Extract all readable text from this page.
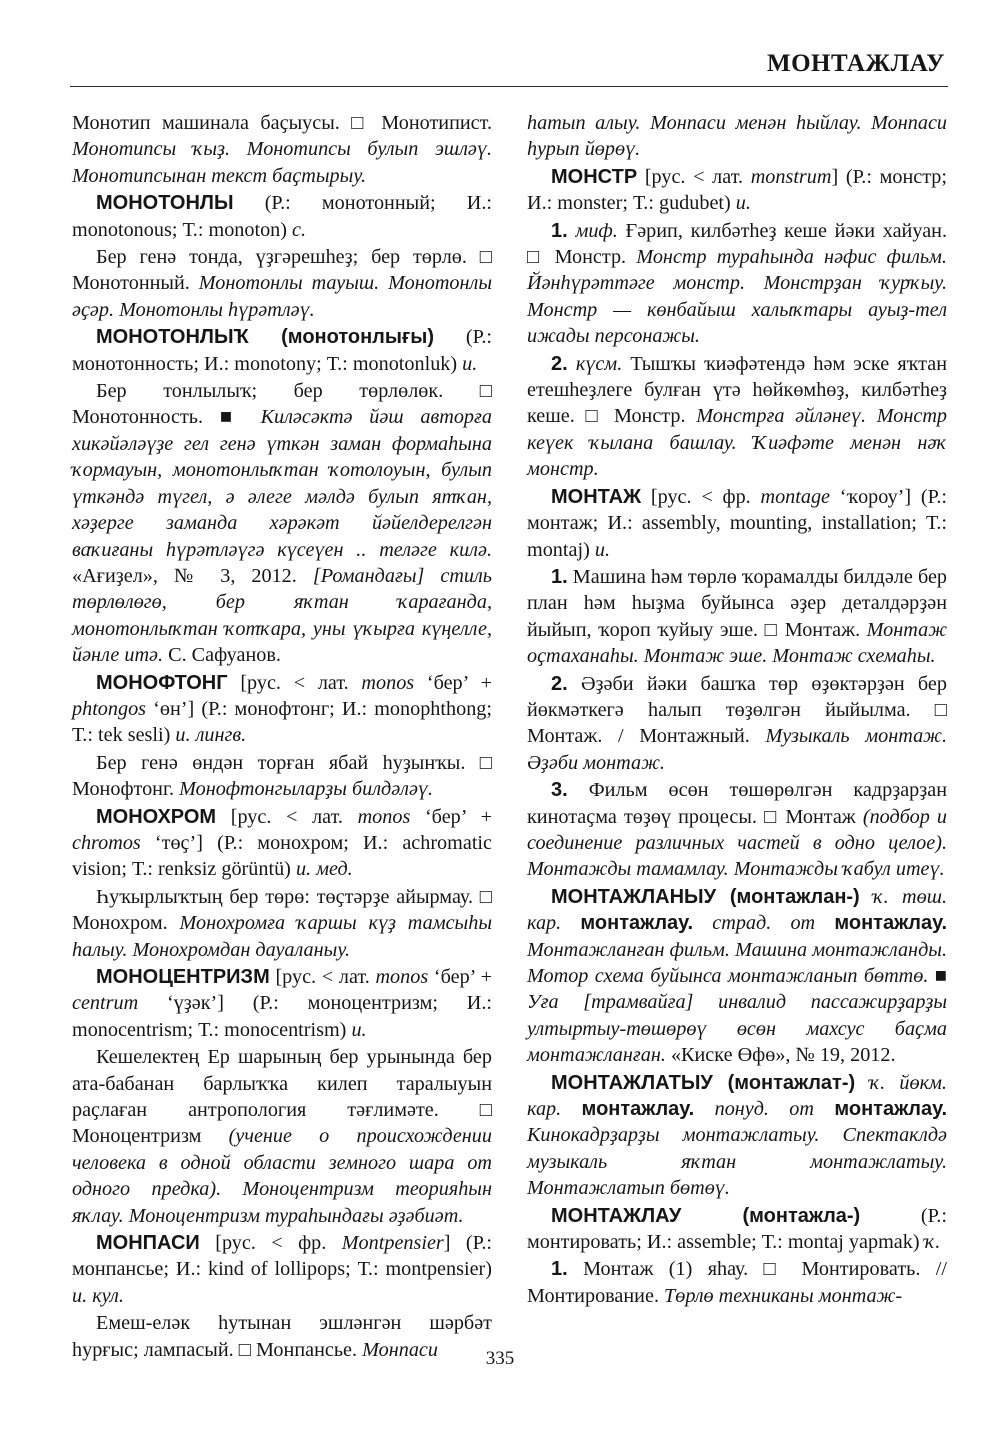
МОНТАЖЛАУ

Монотип машинала баҫыусы. □ Монотипист. Монотипсы ҡыҙ. Монотипсы булып эшләү. Монотипсынан текст баҫтырыу.

МОНОТОНЛЫ (Р.: монотонный; И.: monotonous; Т.: monoton) с.

Бер генә тонда, үҙгәрешһеҙ; бер төрлө. □ Монотонный. Монотонлы тауыш. Монотонлы әҫәр. Монотонлы һүрәтләү.

МОНОТОНЛЫҠ (монотонлығы) (Р.: монотонность; И.: monotony; Т.: monotonluk) и.

Бер тонлылыҡ; бер төрлөлөк. □ Монотонность. ■ Киләсәктә йәш авторға хикәйәләүҙе гел генә үткән заман формаһына ҡормауын, монотонлыҡтан ҡотолоуын, булып үткәндә түгел, ә әлеге мәлдә булып ятҡан, хәҙерге заманда хәрәкәт йәйелдерелгән ваҡиғаны һүрәтләүгә күсеүен .. теләге килә. «Ағиҙел», № 3, 2012. [Романдағы] стиль төрлөлөгө, бер яҡтан ҡарағанда, монотонлыҡтан ҡотҡара, уны үҡырға күңелле, йәнле итә. С. Сафуанов.

МОНОФТОНГ [рус. < лат. monos ‘бер’ + phtongos ‘өн’] (Р.: монофтонг; И.: monophthong; Т.: tek sesli) и. лингв.

Бер генә өндән торған ябай һуҙынҡы. □ Монофтонг. Монофтонгыларҙы билдәләү.

МОНОХРОМ [рус. < лат. monos ‘бер’ + chromos ‘төҫ’] (Р.: монохром; И.: achromatic vision; Т.: renksiz görüntü) и. мед.

Һуҡырлыҡтың бер төрө: төҫтәрҙе айырмау. □ Монохром. Монохромға ҡаршы күҙ тамсыһы һалыу. Монохромдан дауаланыу.

МОНОЦЕНТРИЗМ [рус. < лат. monos ‘бер’ + centrum ‘үҙәк’] (Р.: моноцентризм; И.: monocentrism; Т.: monocentrism) и.

Кешелектең Ер шарының бер урынында бер ата-бабанан барлыҡҡа килеп таралыуын раҫлаған антропология тәғлимәте. □ Моноцентризм (учение о происхождении человека в одной области земного шара от одного предка). Моноцентризм теорияһын яҡлау. Моноцентризм тураһындағы әҙәбиәт.

МОНПАСИ [рус. < фр. Montpensier] (Р.: монпансье; И.: kind of lollipops; Т.: montpensier) и. кул.

Емеш-еләк һутынан эшләнгән шәрбәт һурғыс; лампасый. □ Монпансье. Монпаси

һатып алыу. Монпаси менән һыйлау. Монпаси һурып йөрөү.

МОНСТР [рус. < лат. monstrum] (Р.: монстр; И.: monster; Т.: gudubet) и.

1. миф. Ғәрип, килбәтһеҙ кеше йәки хайуан. □ Монстр. Монстр тураһында нәфис фильм. Йәнһүрәттәге монстр. Монстрҙан ҡурҡыу. Монстр — көнбайыш халыҡтары ауыҙ-тел ижады персонажы.

2. күсм. Тышҡы ҡиәфәтендә һәм эске яҡтан етешһеҙлеге булған үтә һөйкөмһөҙ, килбәтһеҙ кеше. □ Монстр. Монстрға әйләнеү. Монстр кеүек ҡылана башлау. Ҡиәфәте менән нәҡ монстр.

МОНТАЖ [рус. < фр. montage ‘ҡороу’] (Р.: монтаж; И.: assembly, mounting, installation; Т.: montaj) и.

1. Машина һәм төрлө ҡорамалды билдәле бер план һәм һыҙма буйынса әҙер деталдәрҙән йыйып, ҡороп ҡуйыу эше. □ Монтаж. Монтаж оҫтаханаһы. Монтаж эше. Монтаж схемаһы.

2. Әҙәби йәки башҡа төр өҙөктәрҙән бер йөкмәткегә һалып төҙөлгән йыйылма. □ Монтаж. / Монтажный. Музыкаль монтаж. Әҙәби монтаж.

3. Фильм өсөн төшөрөлгән кадрҙарҙан кинотаҫма төҙөү процесы. □ Монтаж (подбор и соединение различных частей в одно целое). Монтажды тамамлау. Монтажды ҡабул итеү.

МОНТАЖЛАНЫУ (монтажлан-) ҡ. төш. кар. монтажлау. страд. от монтажлау. Монтажланған фильм. Машина монтажланды. Мотор схема буйынса монтажланып бөттө. ■ Уға [трамвайға] инвалид пассажирҙарҙы ултыртыу-төшөрөү өсөн махсус баҫма монтажланған. «Киске Өфө», № 19, 2012.

МОНТАЖЛАТЫУ (монтажлат-) ҡ. йөкм. кар. монтажлау. понуд. от монтажлау. Кинокадрҙарҙы монтажлатыу. Спектаклдә музыкаль яҡтан монтажлатыу. Монтажлатып бөтөү.

МОНТАЖЛАУ (монтажла-) (Р.: монтировать; И.: assemble; Т.: montaj yapmak) ҡ.

1. Монтаж (1) яһау. □ Монтировать. // Монтирование. Төрлө техниканы монтаж-

335
